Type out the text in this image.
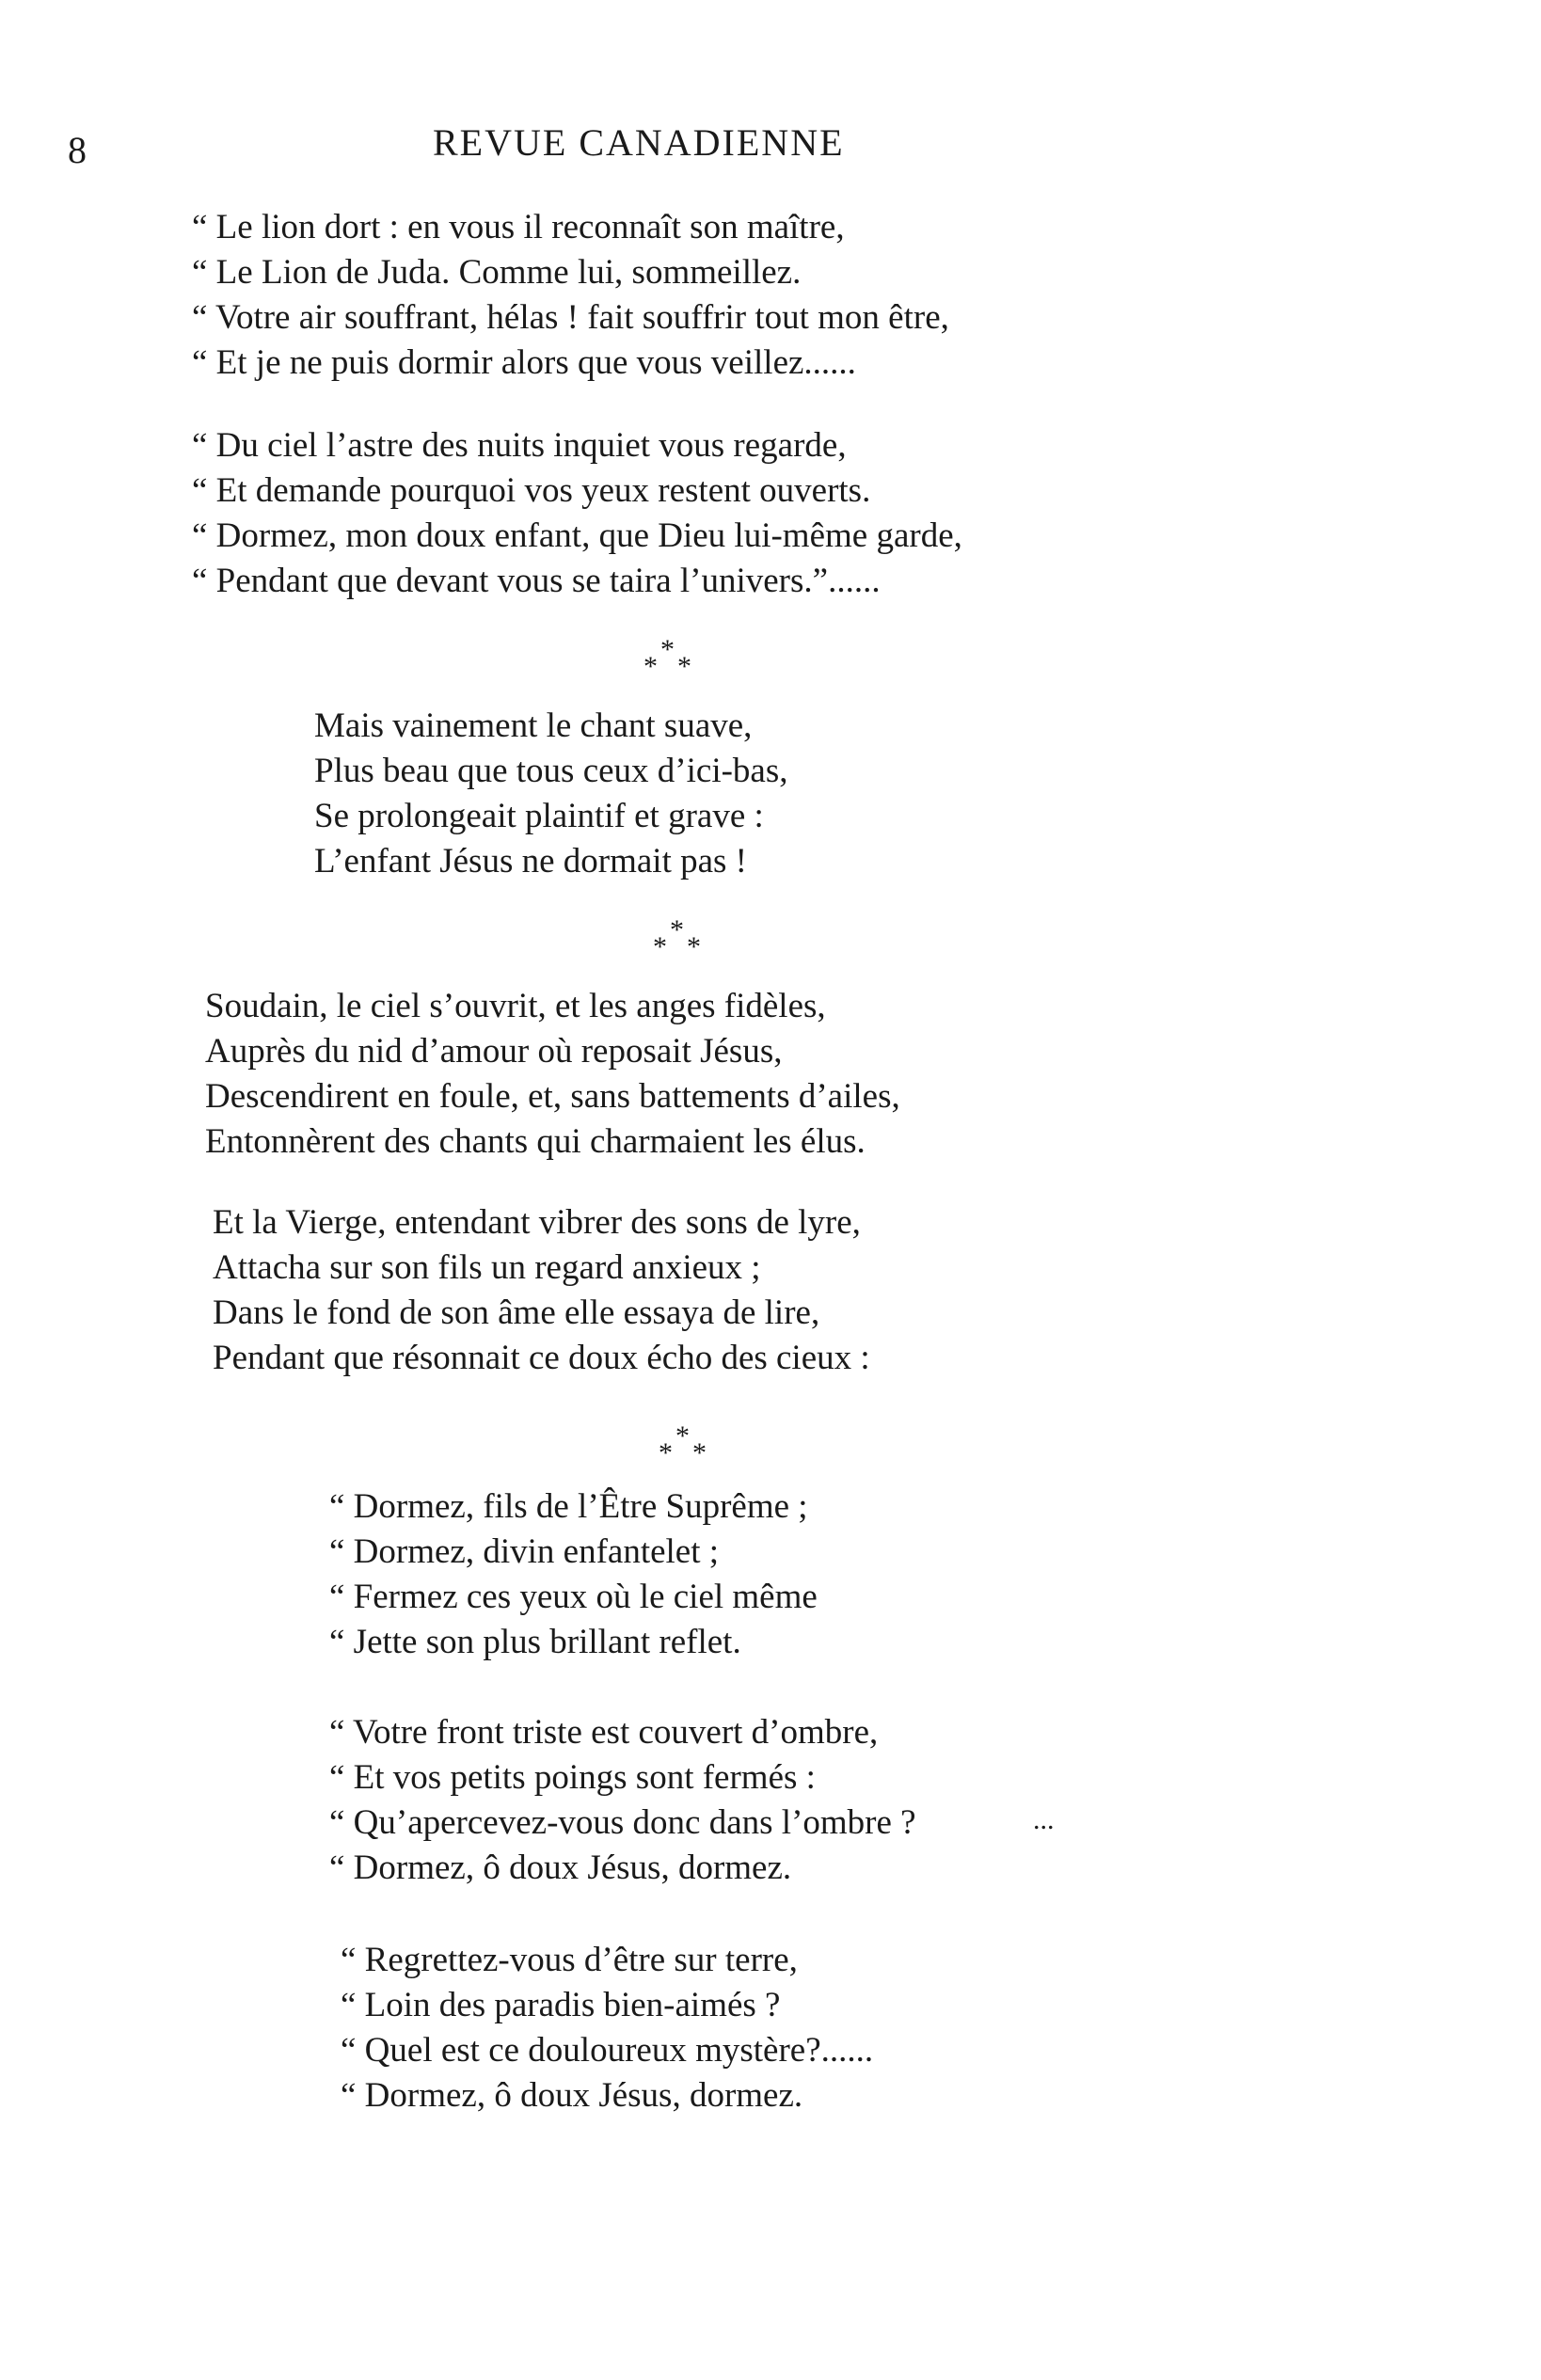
8	REVUE CANADIENNE
“ Le lion dort : en vous il reconnaît son maître,
“ Le Lion de Juda. Comme lui, sommeillez.
“ Votre air souffrant, hélas ! fait souffrir tout mon être,
“ Et je ne puis dormir alors que vous veillez......
“ Du ciel l’astre des nuits inquiet vous regarde,
“ Et demande pourquoi vos yeux restent ouverts.
“ Dormez, mon doux enfant, que Dieu lui-même garde,
“ Pendant que devant vous se taira l’univers.”......
*
* *
Mais vainement le chant suave,
Plus beau que tous ceux d’ici-bas,
Se prolongeait plaintif et grave :
L’enfant Jésus ne dormait pas !
*
* *
Soudain, le ciel s’ouvrit, et les anges fidèles,
Auprès du nid d’amour où reposait Jésus,
Descendirent en foule, et, sans battements d’ailes,
Entonnèrent des chants qui charmaient les élus.
Et la Vierge, entendant vibrer des sons de lyre,
Attacha sur son fils un regard anxieux ;
Dans le fond de son âme elle essaya de lire,
Pendant que résonnait ce doux écho des cieux :
*
* *
“ Dormez, fils de l’Être Suprême ;
“ Dormez, divin enfantelet ;
“ Fermez ces yeux où le ciel même
“ Jette son plus brillant reflet.
“ Votre front triste est couvert d’ombre,
“ Et vos petits poings sont fermés :
“ Qu’apercevez-vous donc dans l’ombre ?
“ Dormez, ô doux Jésus, dormez.
...
“ Regrettez-vous d’être sur terre,
“ Loin des paradis bien-aimés ?
“ Quel est ce douloureux mystère?......
“ Dormez, ô doux Jésus, dormez.
